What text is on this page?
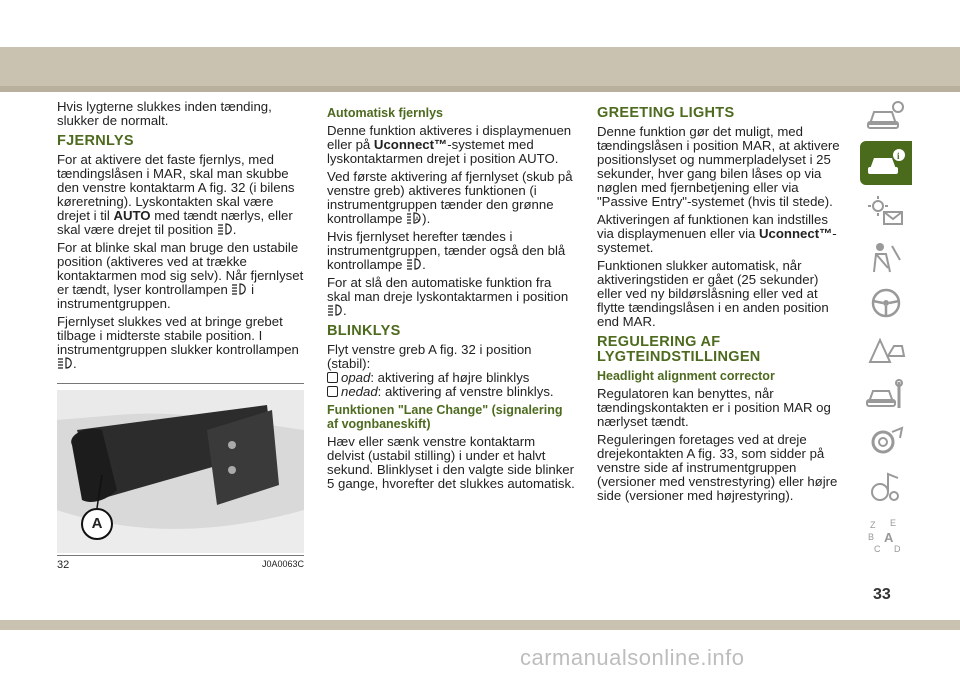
Hvis lygterne slukkes inden tænding, slukker de normalt.

FJERNLYS

For at aktivere det faste fjernlys, med tændingslåsen i MAR, skal man skubbe den venstre kontaktarm A fig. 32 (i bilens køreretning). Lyskontakten skal være drejet i til AUTO med tændt nærlys, eller skal være drejet til position .

For at blinke skal man bruge den ustabile position (aktiveres ved at trække kontaktarmen mod sig selv). Når fjernlyset er tændt, lyser kontrollampen  i instrumentgruppen.

Fjernlyset slukkes ved at bringe grebet tilbage i midterste stabile position. I instrumentgruppen slukker kontrollampen .

A
32	J0A0063C
Automatisk fjernlys

Denne funktion aktiveres i displaymenuen eller på Uconnect™-systemet med lyskontaktarmen drejet i position AUTO.

Ved første aktivering af fjernlyset (skub på venstre greb) aktiveres funktionen (i instrumentgruppen tænder den grønne kontrollampe A ).

Hvis fjernlyset herefter tændes i instrumentgruppen, tænder også den blå kontrollampe .

For at slå den automatiske funktion fra skal man dreje lyskontaktarmen i position .

BLINKLYS

Flyt venstre greb A fig. 32 i position (stabil):

opad: aktivering af højre blinklys
nedad: aktivering af venstre blinklys.
Funktionen "Lane Change" (signalering af vognbaneskift)

Hæv eller sænk venstre kontaktarm delvist (ustabil stilling) i under et halvt sekund. Blinklyset i den valgte side blinker 5 gange, hvorefter det slukkes automatisk.

GREETING LIGHTS

Denne funktion gør det muligt, med tændingslåsen i position MAR, at aktivere positionslyset og nummerpladelyset i 25 sekunder, hver gang bilen låses op via nøglen med fjernbetjening eller via "Passive Entry"-systemet (hvis til stede).

Aktiveringen af funktionen kan indstilles via displaymenuen eller via Uconnect™-systemet.

Funktionen slukker automatisk, når aktiveringstiden er gået (25 sekunder) eller ved ny bildørslåsning eller ved at flytte tændingslåsen i en anden position end MAR.

REGULERING AF LYGTEINDSTILLINGEN
Headlight alignment corrector

Regulatoren kan benyttes, når tændingskontakten er i position MAR og nærlyset tændt.

Reguleringen foretages ved at dreje drejekontakten A fig. 33, som sidder på venstre side af instrumentgruppen (versioner med venstrestyring) eller højre side (versioner med højrestyring).

i
Z E
B A
C D
33
carmanualsonline.info
